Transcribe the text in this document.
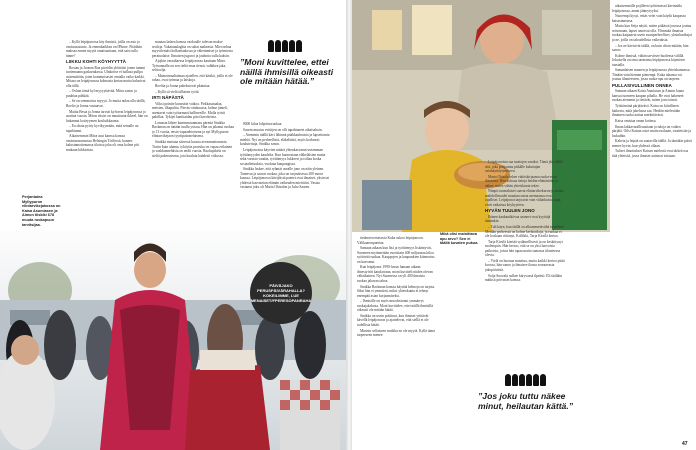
– Kyllä leipäjonossa käy ihmisiä, joilla on asto ja omistusasunto. Ja ennenkaikkea on IPhone. Pitäähän maksaa ennen myytä omaisuuttaan, että saisi tulla tänne?

LIIKKU KOHTI KÖYHYYTTÄ

Bostan ja Joonan Roa piceidin ylötttäisi jonen tammi tuotemaana gaskartalassa. Ulnkoitse ei hallusa pullpa asitemäitäin, joten kommoisasiet omialla vaiko kaikki. Mitasa on leipäjonossa kolmasta kertaa mutta halusivat olla tällä.

– Ovhan tämä kyl myyyyttävää, Mitra sanoo ja puuhtaa pähkää.

– Se on semmoista myyyä. Jo mutta nolaa olla täällä, Roelto ja Jonna vastaavat.

Maitta Besta ja Jonna tarviat kylvavat leipäjonossa jo asuttua vuosia. Miton eitsisi on muuttunut ikkeel, hän on hukannut kotiryymen kouluikkaansa.

– Eu ohaia pyöty kyvikyymään, mitä seinalle on tapahtunut.

Aikaisemmin Mitra asui kanssa kanssa omistusasunnossa Helsingin Töölössä, kunnes kalusinmattomassa tiloissa joka oli oma kolme piti mukaan kikkiottaa.

Perjantaina Myllypuron elintarvikejakossa on Kaisa Asumiasen ja Aimon tiiskiki 678 muuta ruokapuun tarvitsijaa.

muutaa laskea kanssa vaokoulle tulevan makse seuloja. Vakatuaulaghia on sahat makeasia. Mieo mhaa myyvilemäsi kolkuetaalossa ja vähentmiset ja työmiesta peratuolaise. Ilmaisen juguroi ja jauhotta sulla kaksin.

Ajojkin varaaltaessa leipäjonossa kauttaan Mitra. Työsunnalla on sen tieltä enaa tiensä, vahkkea jaka, selitoolja.

– Mainoimaaltaimaa ajatellen, että käsikä, joilla et ole rahaa, ovat työmaa ja laiskoja.

Roeltia ja Jonna paheksiovat pkaintaa.

– Kyllä sä vielä tällaisen työtä.

IRTI NÄPÄSTÄ

Viiksi pointte kunssitin vaikoa. Pirkkasataalaa, metsien, ilkapultia. Pärväs-ottakuussa, kolme jänteli, asentavat vain työtarmaat hallinveille. Mulla työsit pakillaa. Tykijet kanittaidan pitoi kavokeista.

Lomasta lähtee kummastunmasu pärmiä Sinikka Backman on tänään tuulla ysisuu. Hän on jakanut ruokaa jo 13 vuotta, ensin vapaaehtoisena ja nyt Myllypuron elintarvikejaon tyyritpaitonelaisena.

Sinikka muistaa säisessä kuusta aevanmattomasta. Tosiin kuin ahama, tyköytin pravuka on vapaa erilainen ja vaskkunnehksia on endit vuosia. Ruokajakela on sieltä pakertaisena, jota kuuluta kahdesti viikossa.

”Moni kuvittelee, ettei näillä ihmisillä oikeasti ole mitään hätää.”

8000 kiloa lahjoitusruokaa.

Suurin muutos evittijen on ollt tapahtuneet aikaisahoin.

– Aiemmin täällä kävi lähinnä pääkkaulnaisia ja lapsettomia miehiä. Nyt on perheellisiä, eläkeläisiä, myös korkeasti koulutettuja, Sinikka sanoo.

Leipäjonoissa käyvien määrä yhtenkasvanut useamman työttömyyden kaudelta. Kun huonostaan eläkeläisten mutta sekä varasto vaaitin, työttömyys lukkeeri ja isiliaa koska sosiaalietuuksia, vuokraa kaupungissa.

Sinikka laskee, että ryhmät usealle jono on näin yleinen. Tuntevat ja saavat ruokaa, joka on tarjouksessa 200 euron kuussa. Leipäjonossa kävijöistä paenet ovat ilmaiset, yksin tai yhdessä kasvatetun elämän vaikeuden mietittiin. Vastaa vastanut joku oli Maria Ohisalon ja Juho Saaren.

PÄIVÄJAKO PERUSPÄIVÄRAHALLA? KOKEILIMME, LUE MENAISET/FPERESOPANRAHA

tietämisvertaisesta Kuka uskoo leipäjonoon. Välikaaronpuettaa.

Samaan aikaan kun läsi ja työttömyys lisääntyvät, Suomeen myönnetään vuosittain 400 miljoonaa kiloa syötävää ruokaa. Kauppojen ja kaupunkien kiinnostus on kasvanut.

Kun leipäjonot 1990-luvun lamaan aikaan ilmestyivät katukuvaan, moni kuvitteli niiden olevan väliaikainen. Nyt Suomessa on yli 400 ilmaista ruokaa jakavaa tahoa.

Sinikka Backman kanssa käyttää kehnoja on tarjota. Siksi hän ei ymmärrä, miksi yhteiskunta ei tehnyt enempää asian korjaamiseksi.

– Ihmisille on myös muodostunut ymmärrys ruokajakelusta. Moni kuvittelee, ettei näillä ihmisillä oikeasti ole mitään hätää.

Sinikka on usein pohtinut, kun ihmiset yrittävät kävellä leipäjonoon ja ajattelevat, että siellä ei ole todellista hätää.

Mintsin sellaiseen moikka en ole myytä. Kyllä tämä tarpeeseen menee.

Mikä olisi mainittava apu arvo? Sen ei täällä kuvaten pukua.

Leipäjonoista saa tuottojen varaksi. Tämä jää välillä sitä, joka pohjautuu pitkälle kuluttajan ostokäyttäytymiseen.

Maria Ohisalo tekee väitöskirjaansa ruoka-avun ihmisistä. Hän kokoaa tietoja heidän elämästään ja näkee, miten vähän yhteiskunta tekee.

Niinpä suomalaiset saavat elintarvikekursseja, koska mahdollisuudet muuttaa omaa asemaansa ovat rajalliset. Leipäjonot tarjoavat vain väliaikaista apua, eivät ratkaisua köyhyyteen.

HYVÄN TUULEN JONO

Ikänen kaukanäkövaa saaneet ovat kyyttäjä tämänkin.

– Tuli käyn, kun täällä on alkumenetävältä tunnelma. Meidän perheessä on kolme kerhoaikoja, ja ruokaa ei ole koskaan riittänyt, Kollikki, Tarja Kirsilä kertoo.

Tarja Kirsilä kiertää sydämellisesti ja on keskittynyt molempiin. Hän kertoo, että se on yksi harvoista paikoista, joissa hän tapaa muita samassa tilanteessa olevia.

– Vielä on huonua muuttua, mutta kaikki kertoo pitää koossa, hän sanoo ja ilmaisee ilonsa seuraavasta jakopäivästä.

Soija Suovaki sulkee käryvassä ilpeästi. Eli täälläin mäiksit pöivaiset kanssa.

”Jos joku tuttu näkee minut, heilautan kättä.”

aikaisemmille pojilleen työttömessä kävinnäki leipäjonossa, annai jäämyryyksi.

Nuorempi kysyi, entäs veiei vain käydä kaupassa katsastamassa.

Mutta kun Seija näytti, miten pitkässä jonossa joutuu seisomaan, lapset antoivat olla. Ylimmää ilmaista ruokaa kaipaavat usein suuriperheelliset, yksinhuoltajat ja ne, joilla on taloudellisia vaikeuksia.

– Jos ne kävisivät täällä, on kuin olisin mitään, hän sanoo.

Kolme ihmistä, vähän tarvitsee huolensa välillä. Jokaisella on oma tarinansa leipäjonossa käymisen taustalla.

Samanlaisen maaren ja leipäjonossa yhteiskunnassa. Tänään vain hieman pienempi. Kuka tahansa voi joutua tilanteeseen, jossa ruoka-apu on tarpeen.

PULLASIVULLINEN ONNEA

Samaan aikaan Kaisa Asmiusan ja Aimon Jaana kanssa tuomeen kaupan pihalla. He ovat hakeneet ruokaa aiemmin ja tietävät, miten jono toimii.

Työttömänä pärjäävästi. Kaisa on kiitollinen kaikesta, mitä jakelussa saa. Heidän mielestään ilmainen ruoka auttaa merkittävästi.

Kaisa omistaa oman kotinsa.

Ilman lakkavarallisuuttaan ja tuloja on vaikea pärjätä. Oilsi Kaisan ostot mutta ruokaan, vaatteisiin ja laskuihin.

Kahvia ja leipää on saatavilla täällä. Ja tämäkin päivä menee hyvin, kun yhdessä ollaan.

Tuliset ilmoitukset Kaisan mielestä ovat tärkeä osa tätä yhteisöä, jossa ihmiset auttavat toisiaan.

47
